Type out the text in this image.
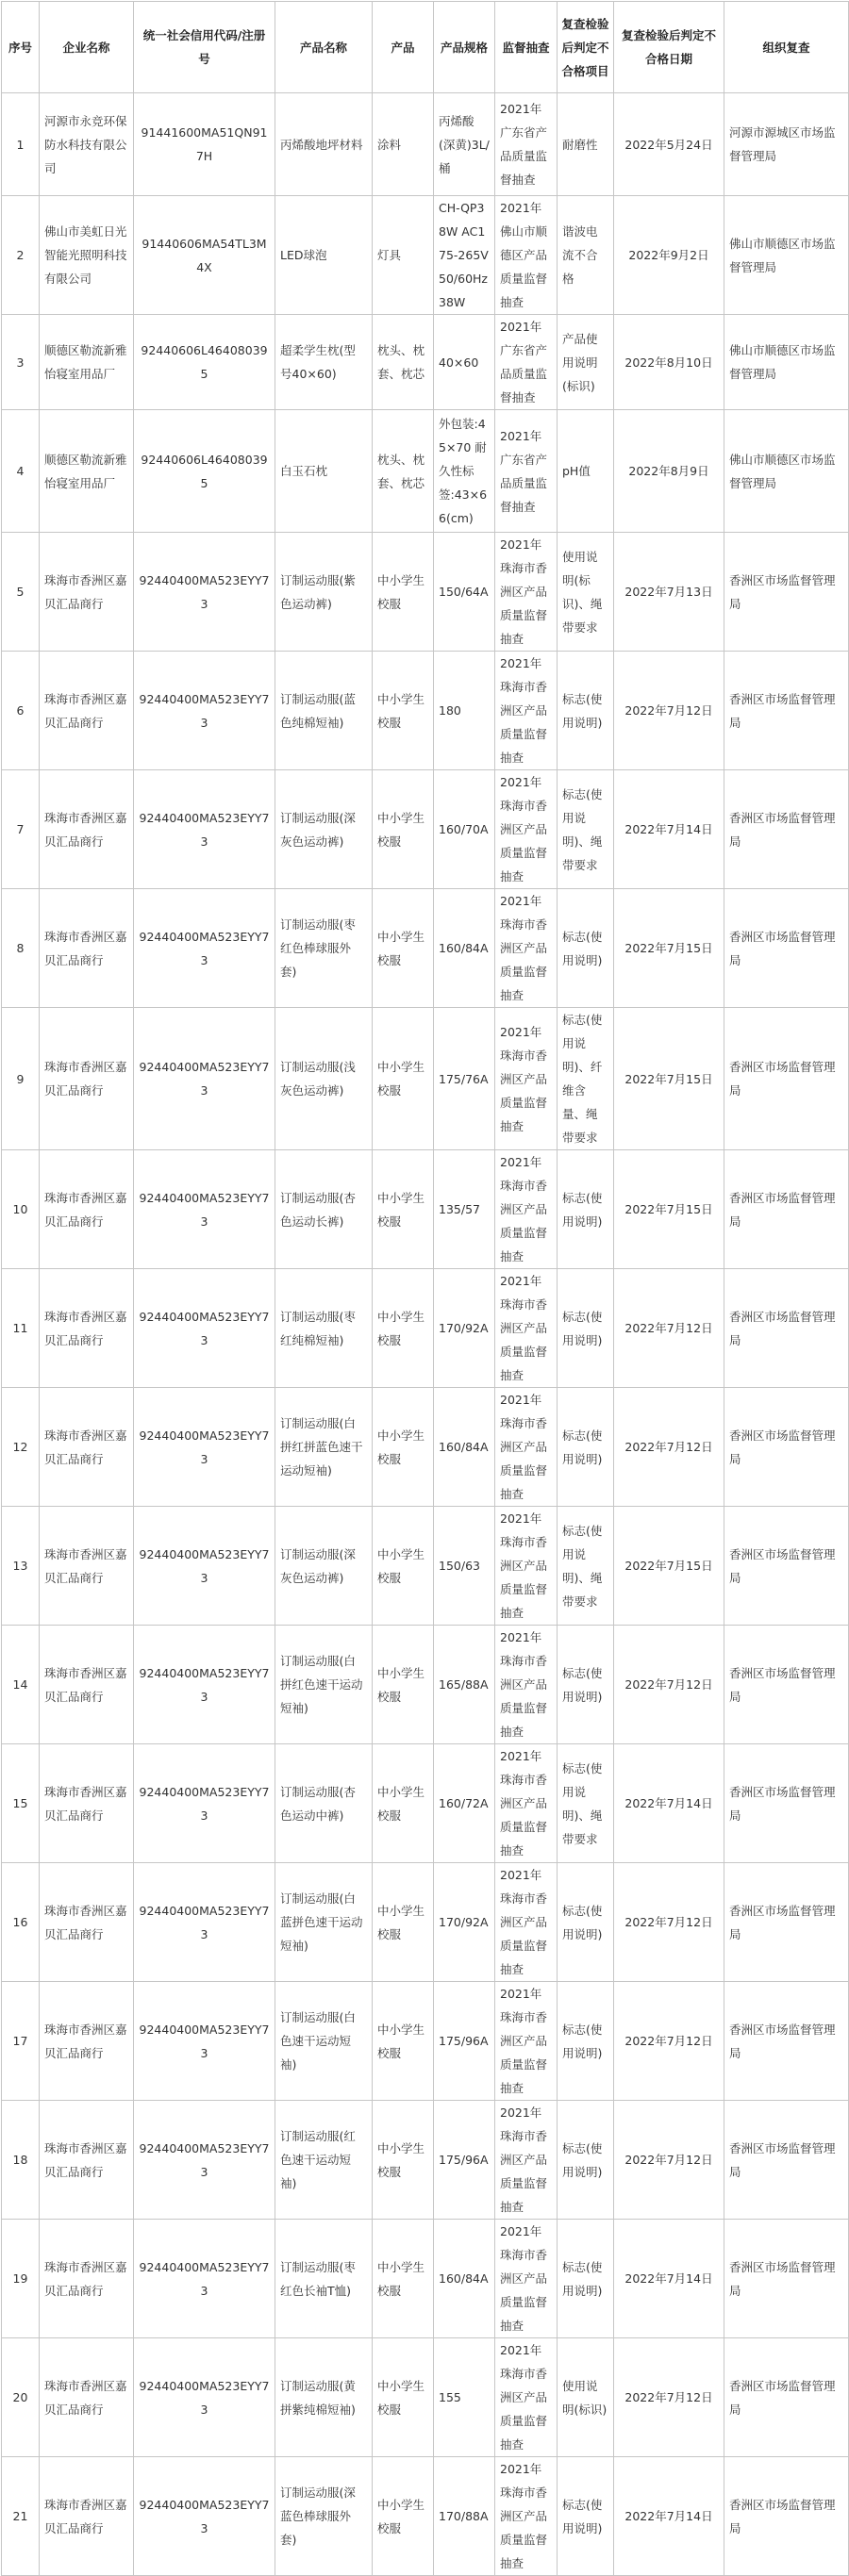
序号	企业名称	统一社会信用代码/注册号	产品名称	产品	产品规格	监督抽查	复查检验后判定不合格项目	复查检验后判定不合格日期	组织复查
1	河源市永竞环保防水科技有限公司	91441600MA51QN917H	丙烯酸地坪材料	涂料	丙烯酸(深黄)3L/桶	2021年广东省产品质量监督抽查	耐磨性	2022年5月24日	河源市源城区市场监督管理局
2	佛山市美虹日光智能光照明科技有限公司	91440606MA54TL3M4X	LED球泡	灯具	CH-QP38W AC175-265V 50/60Hz 38W	2021年佛山市顺德区产品质量监督抽查	谐波电流不合格	2022年9月2日	佛山市顺德区市场监督管理局
3	顺德区勒流新雅怡寝室用品厂	92440606L464080395	超柔学生枕(型号40×60)	枕头、枕套、枕芯	40×60	2021年广东省产品质量监督抽查	产品使用说明(标识)	2022年8月10日	佛山市顺德区市场监督管理局
4	顺德区勒流新雅怡寝室用品厂	92440606L464080395	白玉石枕	枕头、枕套、枕芯	外包装:45×70 耐久性标签:43×66(cm)	2021年广东省产品质量监督抽查	pH值	2022年8月9日	佛山市顺德区市场监督管理局
5	珠海市香洲区嘉贝汇品商行	92440400MA523EYY73	订制运动服(紫色运动裤)	中小学生校服	150/64A	2021年珠海市香洲区产品质量监督抽查	使用说明(标识)、绳带要求	2022年7月13日	香洲区市场监督管理局
6	珠海市香洲区嘉贝汇品商行	92440400MA523EYY73	订制运动服(蓝色纯棉短袖)	中小学生校服	180	2021年珠海市香洲区产品质量监督抽查	标志(使用说明)	2022年7月12日	香洲区市场监督管理局
7	珠海市香洲区嘉贝汇品商行	92440400MA523EYY73	订制运动服(深灰色运动裤)	中小学生校服	160/70A	2021年珠海市香洲区产品质量监督抽查	标志(使用说明)、绳带要求	2022年7月14日	香洲区市场监督管理局
8	珠海市香洲区嘉贝汇品商行	92440400MA523EYY73	订制运动服(枣红色棒球服外套)	中小学生校服	160/84A	2021年珠海市香洲区产品质量监督抽查	标志(使用说明)	2022年7月15日	香洲区市场监督管理局
9	珠海市香洲区嘉贝汇品商行	92440400MA523EYY73	订制运动服(浅灰色运动裤)	中小学生校服	175/76A	2021年珠海市香洲区产品质量监督抽查	标志(使用说明)、纤维含量、绳带要求	2022年7月15日	香洲区市场监督管理局
10	珠海市香洲区嘉贝汇品商行	92440400MA523EYY73	订制运动服(杏色运动长裤)	中小学生校服	135/57	2021年珠海市香洲区产品质量监督抽查	标志(使用说明)	2022年7月15日	香洲区市场监督管理局
11	珠海市香洲区嘉贝汇品商行	92440400MA523EYY73	订制运动服(枣红纯棉短袖)	中小学生校服	170/92A	2021年珠海市香洲区产品质量监督抽查	标志(使用说明)	2022年7月12日	香洲区市场监督管理局
12	珠海市香洲区嘉贝汇品商行	92440400MA523EYY73	订制运动服(白拼红拼蓝色速干运动短袖)	中小学生校服	160/84A	2021年珠海市香洲区产品质量监督抽查	标志(使用说明)	2022年7月12日	香洲区市场监督管理局
13	珠海市香洲区嘉贝汇品商行	92440400MA523EYY73	订制运动服(深灰色运动裤)	中小学生校服	150/63	2021年珠海市香洲区产品质量监督抽查	标志(使用说明)、绳带要求	2022年7月15日	香洲区市场监督管理局
14	珠海市香洲区嘉贝汇品商行	92440400MA523EYY73	订制运动服(白拼红色速干运动短袖)	中小学生校服	165/88A	2021年珠海市香洲区产品质量监督抽查	标志(使用说明)	2022年7月12日	香洲区市场监督管理局
15	珠海市香洲区嘉贝汇品商行	92440400MA523EYY73	订制运动服(杏色运动中裤)	中小学生校服	160/72A	2021年珠海市香洲区产品质量监督抽查	标志(使用说明)、绳带要求	2022年7月14日	香洲区市场监督管理局
16	珠海市香洲区嘉贝汇品商行	92440400MA523EYY73	订制运动服(白蓝拼色速干运动短袖)	中小学生校服	170/92A	2021年珠海市香洲区产品质量监督抽查	标志(使用说明)	2022年7月12日	香洲区市场监督管理局
17	珠海市香洲区嘉贝汇品商行	92440400MA523EYY73	订制运动服(白色速干运动短袖)	中小学生校服	175/96A	2021年珠海市香洲区产品质量监督抽查	标志(使用说明)	2022年7月12日	香洲区市场监督管理局
18	珠海市香洲区嘉贝汇品商行	92440400MA523EYY73	订制运动服(红色速干运动短袖)	中小学生校服	175/96A	2021年珠海市香洲区产品质量监督抽查	标志(使用说明)	2022年7月12日	香洲区市场监督管理局
19	珠海市香洲区嘉贝汇品商行	92440400MA523EYY73	订制运动服(枣红色长袖T恤)	中小学生校服	160/84A	2021年珠海市香洲区产品质量监督抽查	标志(使用说明)	2022年7月14日	香洲区市场监督管理局
20	珠海市香洲区嘉贝汇品商行	92440400MA523EYY73	订制运动服(黄拼紫纯棉短袖)	中小学生校服	155	2021年珠海市香洲区产品质量监督抽查	使用说明(标识)	2022年7月12日	香洲区市场监督管理局
21	珠海市香洲区嘉贝汇品商行	92440400MA523EYY73	订制运动服(深蓝色棒球服外套)	中小学生校服	170/88A	2021年珠海市香洲区产品质量监督抽查	标志(使用说明)	2022年7月14日	香洲区市场监督管理局
